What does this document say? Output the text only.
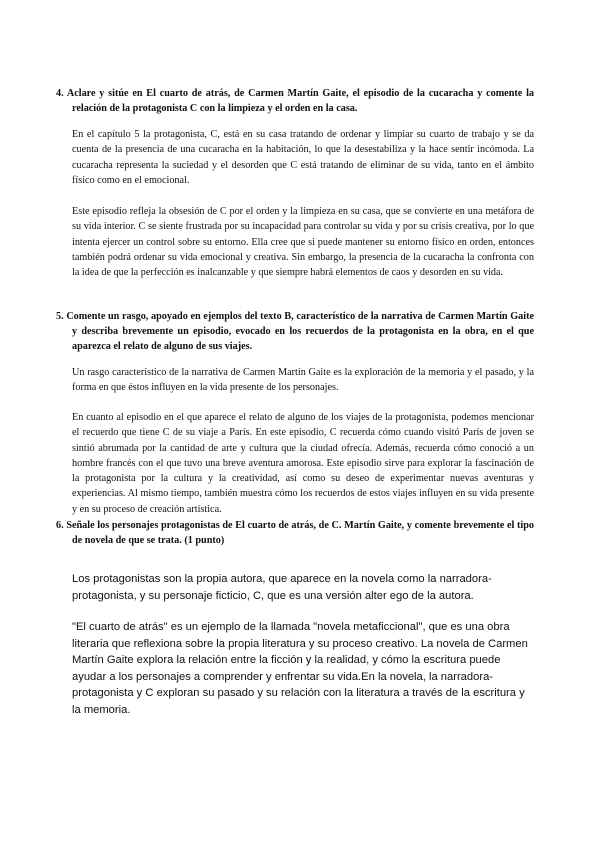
4. Aclare y sitúe en El cuarto de atrás, de Carmen Martín Gaite, el episodio de la cucaracha y comente la relación de la protagonista C con la limpieza y el orden en la casa.

En el capítulo 5 la protagonista, C, está en su casa tratando de ordenar y limpiar su cuarto de trabajo y se da cuenta de la presencia de una cucaracha en la habitación, lo que la desestabiliza y la hace sentir incómoda. La cucaracha representa la suciedad y el desorden que C está tratando de eliminar de su vida, tanto en el ámbito físico como en el emocional.

Este episodio refleja la obsesión de C por el orden y la limpieza en su casa, que se convierte en una metáfora de su vida interior. C se siente frustrada por su incapacidad para controlar su vida y por su crisis creativa, por lo que intenta ejercer un control sobre su entorno. Ella cree que si puede mantener su entorno físico en orden, entonces también podrá ordenar su vida emocional y creativa. Sin embargo, la presencia de la cucaracha la confronta con la idea de que la perfección es inalcanzable y que siempre habrá elementos de caos y desorden en su vida.

5. Comente un rasgo, apoyado en ejemplos del texto B, característico de la narrativa de Carmen Martín Gaite y describa brevemente un episodio, evocado en los recuerdos de la protagonista en la obra, en el que aparezca el relato de alguno de sus viajes.

Un rasgo característico de la narrativa de Carmen Martín Gaite es la exploración de la memoria y el pasado, y la forma en que éstos influyen en la vida presente de los personajes.

En cuanto al episodio en el que aparece el relato de alguno de los viajes de la protagonista, podemos mencionar el recuerdo que tiene C de su viaje a París. En este episodio, C recuerda cómo cuando visitó París de joven se sintió abrumada por la cantidad de arte y cultura que la ciudad ofrecía. Además, recuerda cómo conoció a un hombre francés con el que tuvo una breve aventura amorosa. Este episodio sirve para explorar la fascinación de la protagonista por la cultura y la creatividad, así como su deseo de experimentar nuevas aventuras y experiencias. Al mismo tiempo, también muestra cómo los recuerdos de estos viajes influyen en su vida presente y en su proceso de creación artística.

6. Señale los personajes protagonistas de El cuarto de atrás, de C. Martín Gaite, y comente brevemente el tipo de novela de que se trata. (1 punto)

Los protagonistas son la propia autora, que aparece en la novela como la narradora-protagonista, y su personaje ficticio, C, que es una versión alter ego de la autora.

"El cuarto de atrás" es un ejemplo de la llamada "novela metaficcional", que es una obra literaria que reflexiona sobre la propia literatura y su proceso creativo. La novela de Carmen Martín Gaite explora la relación entre la ficción y la realidad, y cómo la escritura puede ayudar a los personajes a comprender y enfrentar su vida.En la novela, la narradora-protagonista y C exploran su pasado y su relación con la literatura a través de la escritura y la memoria.
